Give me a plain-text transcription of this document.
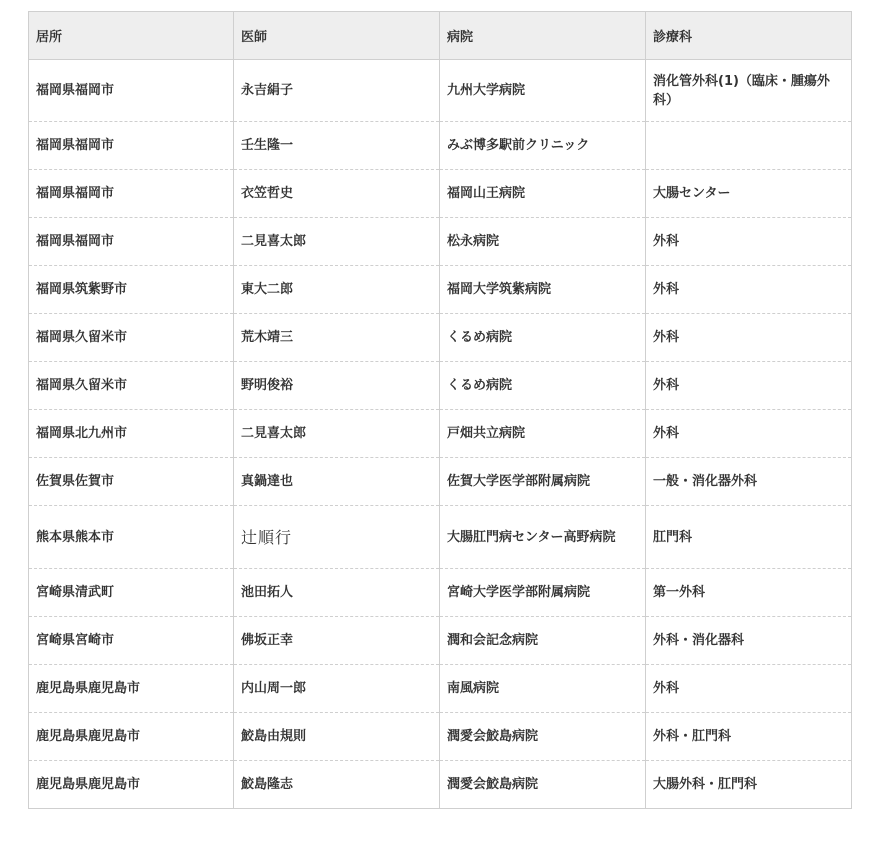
居所	医師	病院	診療科
福岡県福岡市	永吉絹子	九州大学病院	消化管外科(1)（臨床・腫瘍外科）
福岡県福岡市	壬生隆一	みぶ博多駅前クリニック	
福岡県福岡市	衣笠哲史	福岡山王病院	大腸センター
福岡県福岡市	二見喜太郎	松永病院	外科
福岡県筑紫野市	東大二郎	福岡大学筑紫病院	外科
福岡県久留米市	荒木靖三	くるめ病院	外科
福岡県久留米市	野明俊裕	くるめ病院	外科
福岡県北九州市	二見喜太郎	戸畑共立病院	外科
佐賀県佐賀市	真鍋達也	佐賀大学医学部附属病院	一般・消化器外科
熊本県熊本市	辻順行	大腸肛門病センター高野病院	肛門科
宮崎県清武町	池田拓人	宮崎大学医学部附属病院	第一外科
宮崎県宮崎市	佛坂正幸	潤和会記念病院	外科・消化器科
鹿児島県鹿児島市	内山周一郎	南風病院	外科
鹿児島県鹿児島市	鮫島由規則	潤愛会鮫島病院	外科・肛門科
鹿児島県鹿児島市	鮫島隆志	潤愛会鮫島病院	大腸外科・肛門科
